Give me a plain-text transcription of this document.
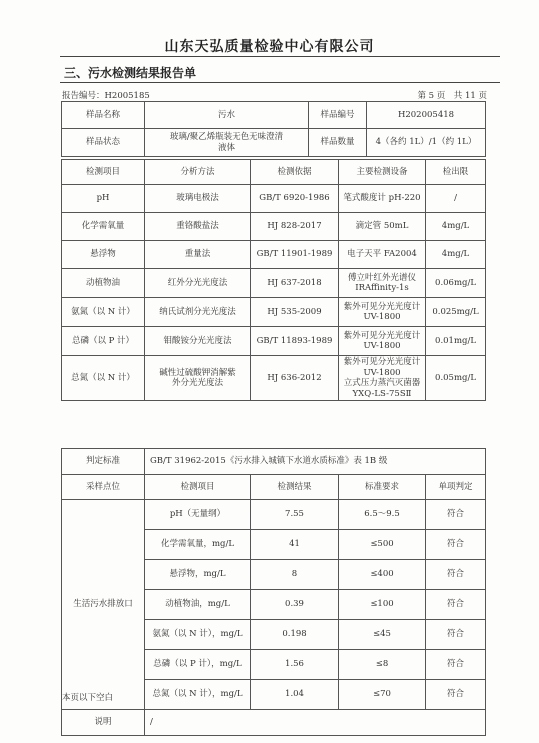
山东天弘质量检验中心有限公司
三、污水检测结果报告单
报告编号：H2005185	第 5 页　共 11 页
样品名称	污水	样品编号	H202005418
样品状态	玻璃/聚乙烯瓶装无色无味澄清
液体	样品数量	4（各约 1L）/1（约 1L）
检测项目	分析方法	检测依据	主要检测设备	检出限
pH	玻璃电极法	GB/T 6920-1986	笔式酸度计 pH-220	/
化学需氧量	重铬酸盐法	HJ 828-2017	滴定管 50mL	4mg/L
悬浮物	重量法	GB/T 11901-1989	电子天平 FA2004	4mg/L
动植物油	红外分光光度法	HJ 637-2018	傅立叶红外光谱仪
IRAffinity-1s	0.06mg/L
氨氮（以 N 计）	纳氏试剂分光光度法	HJ 535-2009	紫外可见分光光度计
UV-1800	0.025mg/L
总磷（以 P 计）	钼酸铵分光光度法	GB/T 11893-1989	紫外可见分光光度计
UV-1800	0.01mg/L
总氮（以 N 计）	碱性过硫酸钾消解紫
外分光光度法	HJ 636-2012	紫外可见分光光度计
UV-1800
立式压力蒸汽灭菌器
YXQ-LS-75SⅡ	0.05mg/L
判定标准	GB/T 31962-2015《污水排入城镇下水道水质标准》表 1B 级			
采样点位	检测项目	检测结果	标准要求	单项判定
生活污水排放口	pH（无量纲）	7.55	6.5～9.5	符合
	化学需氧量，mg/L	41	≤500	符合
	悬浮物，mg/L	8	≤400	符合
	动植物油，mg/L	0.39	≤100	符合
	氨氮（以 N 计），mg/L	0.198	≤45	符合
	总磷（以 P 计），mg/L	1.56	≤8	符合
	总氮（以 N 计），mg/L	1.04	≤70	符合
说明	/			
本页以下空白
